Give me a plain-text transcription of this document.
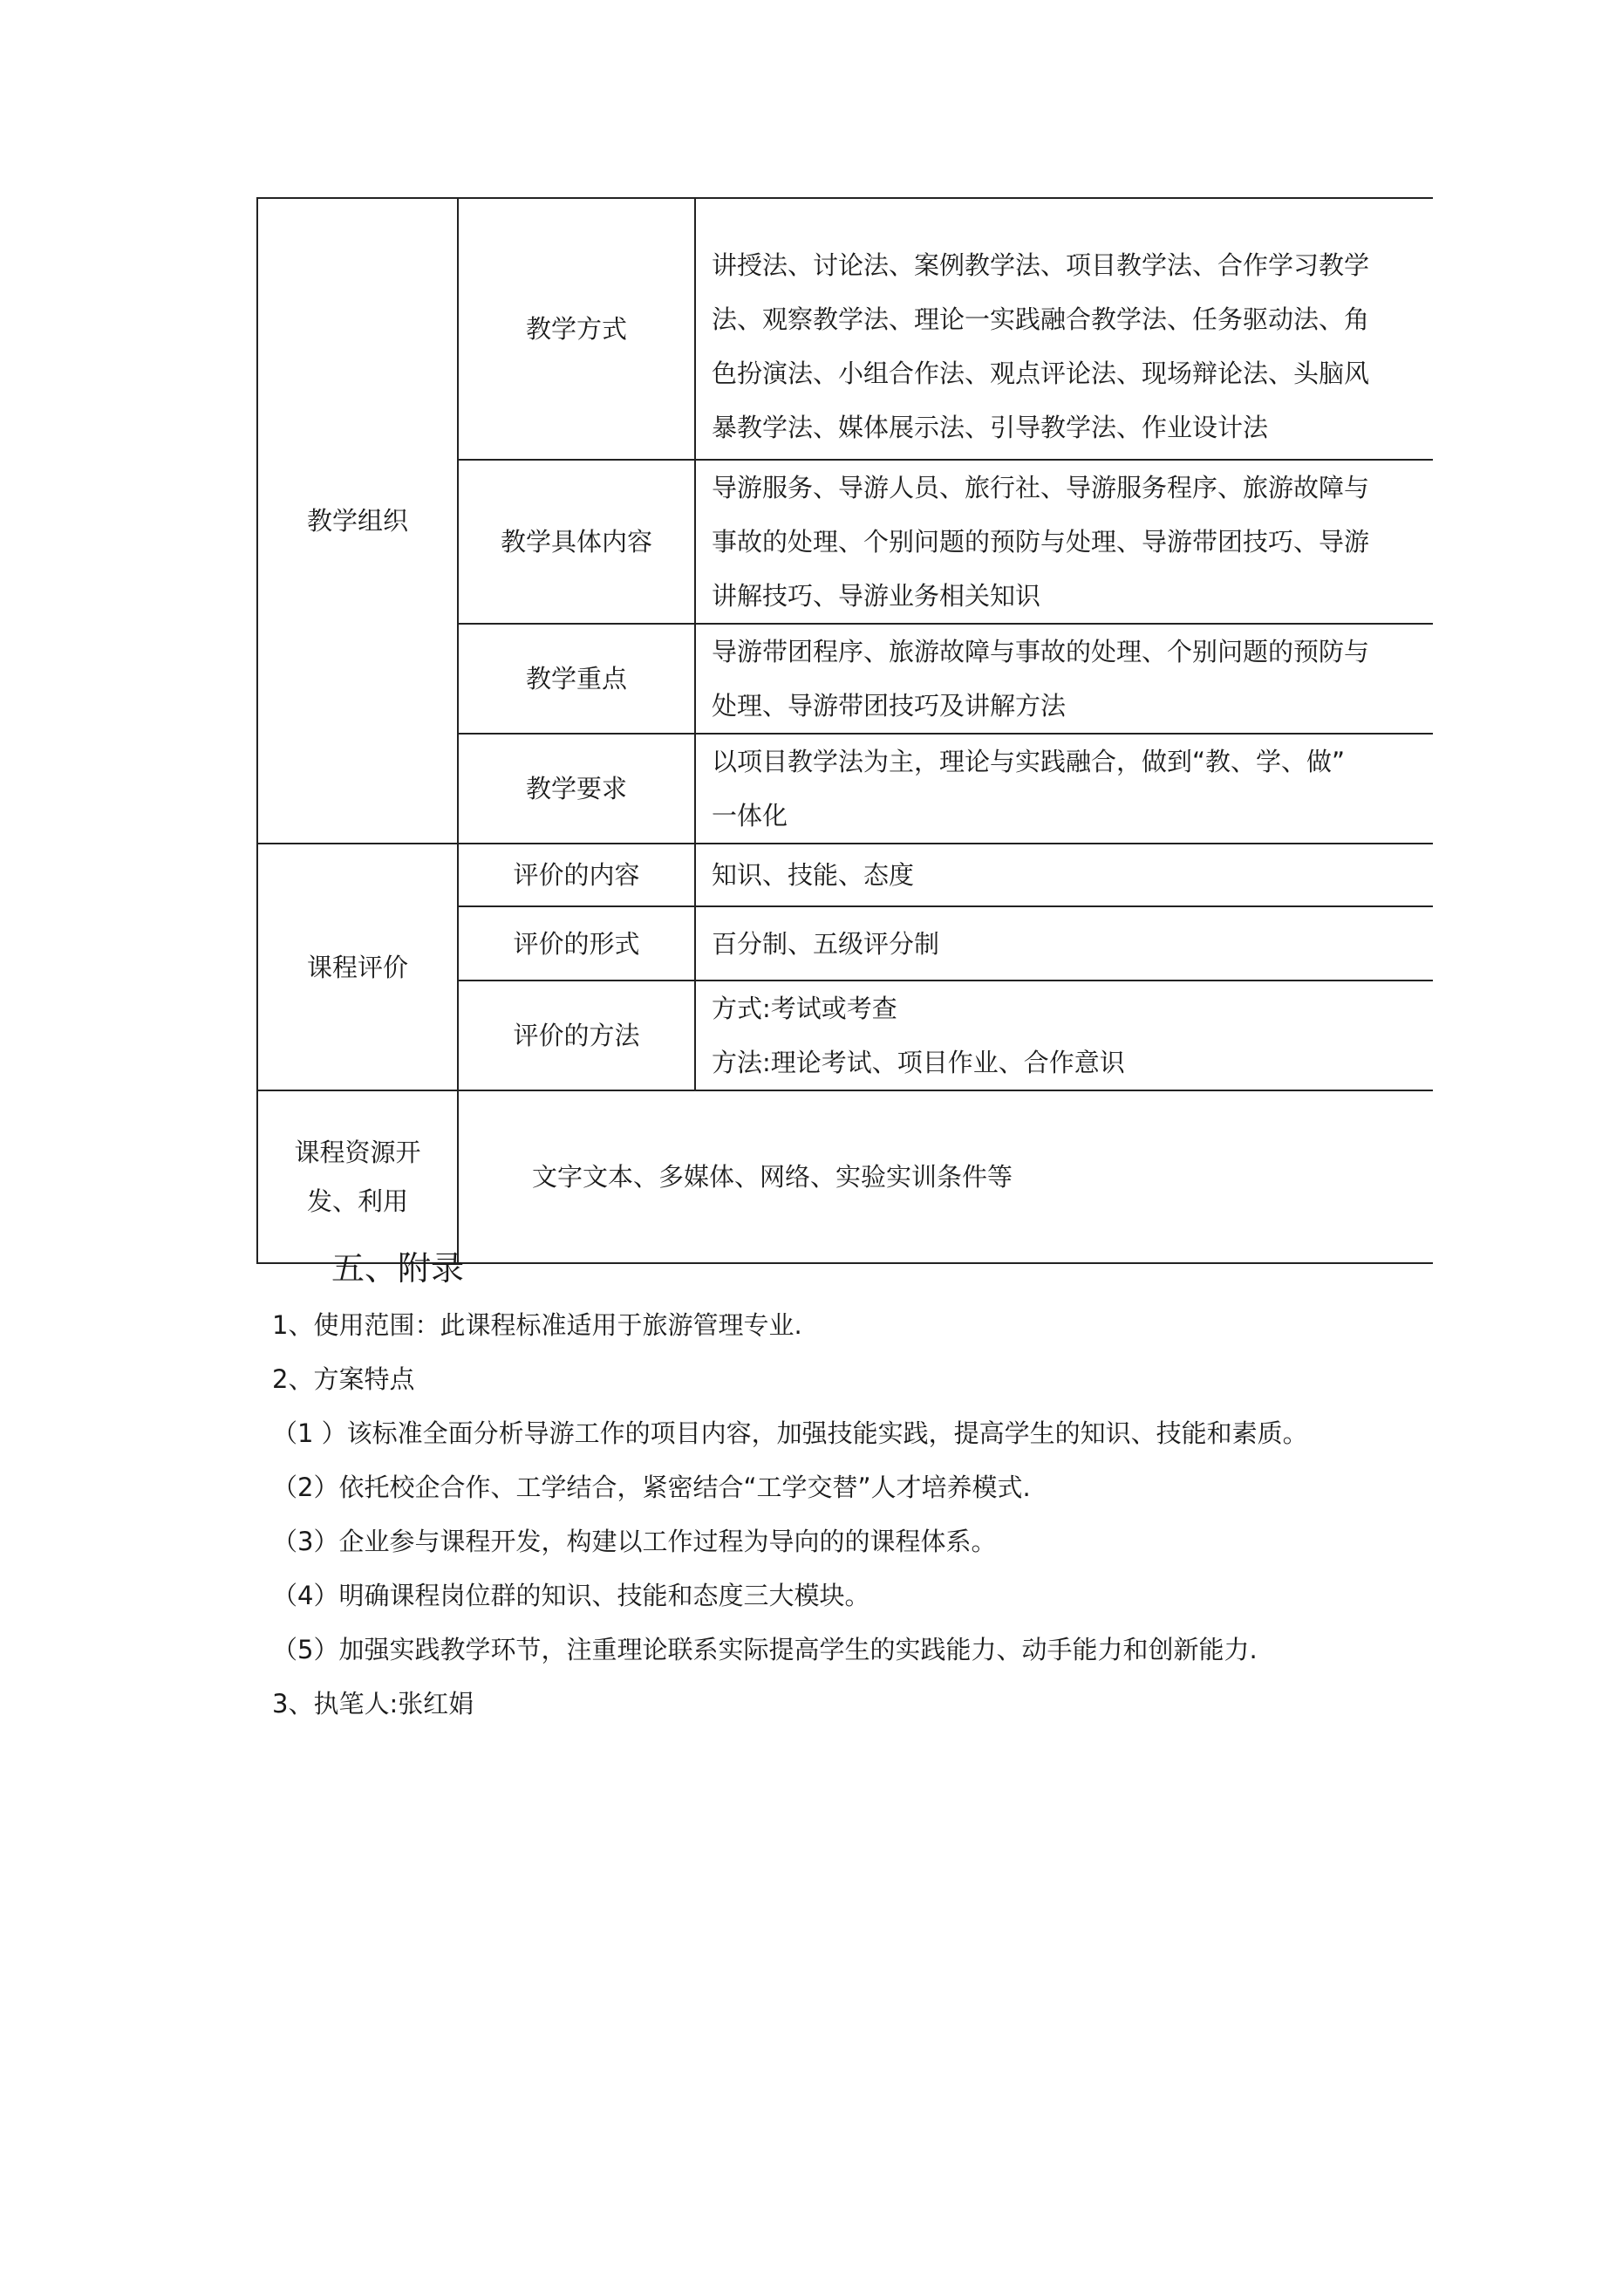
教学组织	教学方式	讲授法、讨论法、案例教学法、项目教学法、合作学习教学
法、观察教学法、理论一实践融合教学法、任务驱动法、角
色扮演法、小组合作法、观点评论法、现场辩论法、头脑风
暴教学法、媒体展示法、引导教学法、作业设计法

	教学具体内容	导游服务、导游人员、旅行社、导游服务程序、旅游故障与
事故的处理、个别问题的预防与处理、导游带团技巧、导游
讲解技巧、导游业务相关知识

	教学重点	导游带团程序、旅游故障与事故的处理、个别问题的预防与
处理、导游带团技巧及讲解方法

	教学要求	以项目教学法为主，理论与实践融合，做到“教、学、做”
一体化

课程评价	评价的内容	知识、技能、态度
	评价的形式	百分制、五级评分制
	评价的方法	方式:考试或考查
方法:理论考试、项目作业、合作意识

课程资源开
发、利用	文字文本、多媒体、网络、实验实训条件等	
五、附录
1、使用范围：此课程标准适用于旅游管理专业.
2、方案特点
（1 ）该标准全面分析导游工作的项目内容，加强技能实践，提高学生的知识、技能和素质。
（2）依托校企合作、工学结合，紧密结合“工学交替”人才培养模式.
（3）企业参与课程开发，构建以工作过程为导向的的课程体系。
（4）明确课程岗位群的知识、技能和态度三大模块。
（5）加强实践教学环节，注重理论联系实际提高学生的实践能力、动手能力和创新能力.
3、执笔人:张红娟
